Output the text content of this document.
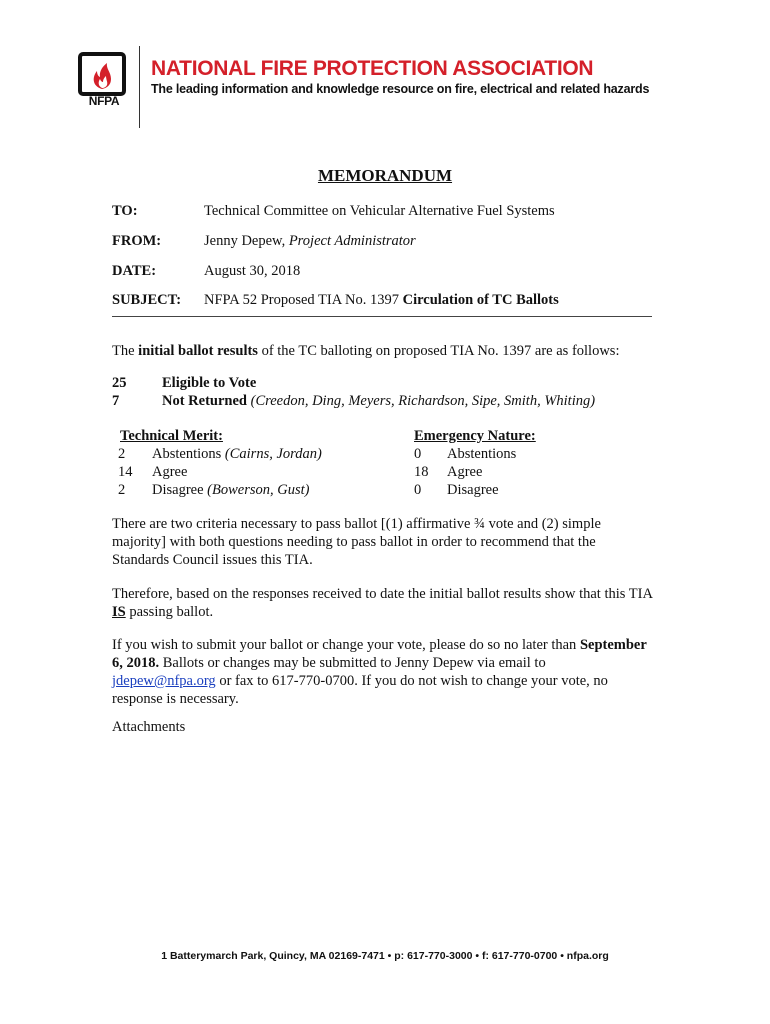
NFPA
NATIONAL FIRE PROTECTION ASSOCIATION
The leading information and knowledge resource on fire, electrical and related hazards
MEMORANDUM
TO:	Technical Committee on Vehicular Alternative Fuel Systems
FROM:	Jenny Depew, Project Administrator
DATE:	August 30, 2018
SUBJECT: NFPA 52 Proposed TIA No. 1397 Circulation of TC Ballots
The initial ballot results of the TC balloting on proposed TIA No. 1397 are as follows:
25 Eligible to Vote
7	Not Returned (Creedon, Ding, Meyers, Richardson, Sipe, Smith, Whiting)
Technical Merit:
2 Abstentions (Cairns, Jordan)
14 Agree
2 Disagree (Bowerson, Gust)
Emergency Nature:
0 Abstentions
18 Agree
0 Disagree
There are two criteria necessary to pass ballot [(1) affirmative ¾ vote and (2) simple majority] with both questions needing to pass ballot in order to recommend that the Standards Council issues this TIA.
Therefore, based on the responses received to date the initial ballot results show that this TIA IS passing ballot.
If you wish to submit your ballot or change your vote, please do so no later than September 6, 2018. Ballots or changes may be submitted to Jenny Depew via email to jdepew@nfpa.org or fax to 617-770-0700. If you do not wish to change your vote, no response is necessary.
Attachments
1 Batterymarch Park, Quincy, MA 02169-7471 • p: 617-770-3000 • f: 617-770-0700 • nfpa.org
